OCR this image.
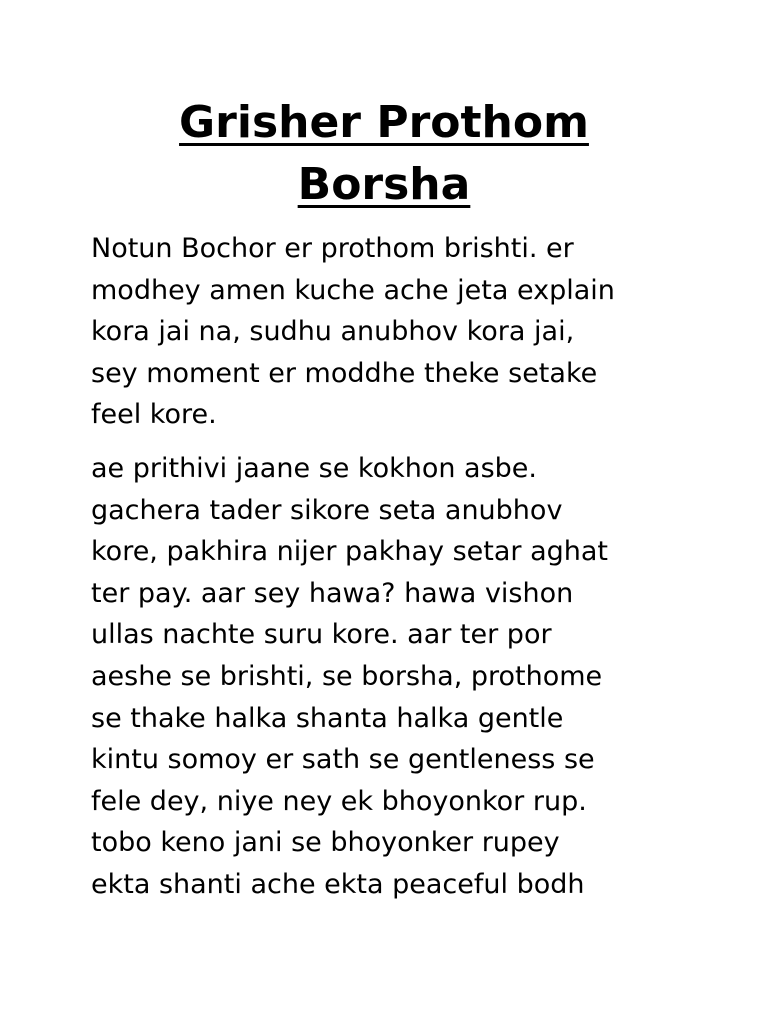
Grisher Prothom
Borsha

Notun Bochor er prothom brishti. er
modhey amen kuche ache jeta explain
kora jai na, sudhu anubhov kora jai,
sey moment er moddhe theke setake
feel kore.

ae prithivi jaane se kokhon asbe.
gachera tader sikore seta anubhov
kore, pakhira nijer pakhay setar aghat
ter pay. aar sey hawa? hawa vishon
ullas nachte suru kore. aar ter por
aeshe se brishti, se borsha, prothome
se thake halka shanta halka gentle
kintu somoy er sath se gentleness se
fele dey, niye ney ek bhoyonkor rup.
tobo keno jani se bhoyonker rupey
ekta shanti ache ekta peaceful bodh
